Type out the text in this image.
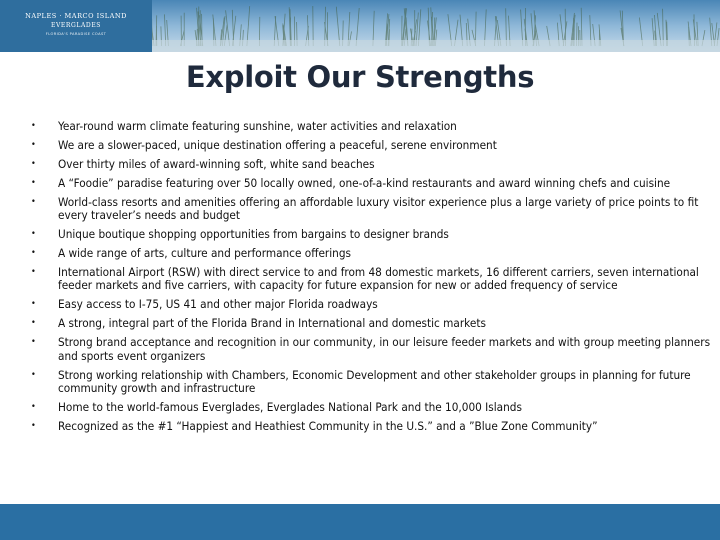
NAPLES · MARCO ISLAND
EVERGLADES
FLORIDA'S PARADISE COAST
Exploit Our Strengths
• Year-round warm climate featuring sunshine, water activities and relaxation
• We are a slower-paced, unique destination offering a peaceful, serene environment
• Over thirty miles of award-winning soft, white sand beaches
• A “Foodie” paradise featuring over 50 locally owned, one-of-a-kind restaurants and award winning chefs and cuisine
• World-class resorts and amenities offering an affordable luxury visitor experience plus a large variety of price points to fit every traveler’s needs and budget
• Unique boutique shopping opportunities from bargains to designer brands
• A wide range of arts, culture and performance offerings
• International Airport (RSW) with direct service to and from 48 domestic markets, 16 different carriers, seven international feeder markets and five carriers, with capacity for future expansion for new or added frequency of service
• Easy access to I-75, US 41 and other major Florida roadways
• A strong, integral part of the Florida Brand in International and domestic markets
• Strong brand acceptance and recognition in our community, in our leisure feeder markets and with group meeting planners and sports event organizers
• Strong working relationship with Chambers, Economic Development and other stakeholder groups in planning for future community growth and infrastructure
• Home to the world-famous Everglades, Everglades National Park and the 10,000 Islands
• Recognized as the #1 “Happiest and Heathiest Community in the U.S.” and a ”Blue Zone Community”
